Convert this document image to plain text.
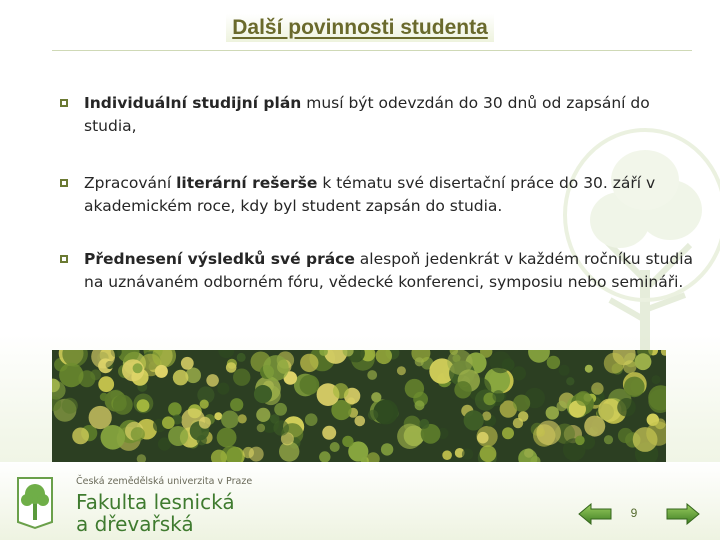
Další povinnosti studenta
Individuální studijní plán musí být odevzdán do 30 dnů od zapsání do studia,
Zpracování literární rešerše k tématu své disertační práce do 30. září v akademickém roce, kdy byl student zapsán do studia.
Přednesení výsledků své práce alespoň jedenkrát v každém ročníku studia na uznávaném odborném fóru, vědecké konferenci, symposiu nebo semináři.
Česká zemědělská univerzita v Praze
Fakulta lesnická
a dřevařská	9
